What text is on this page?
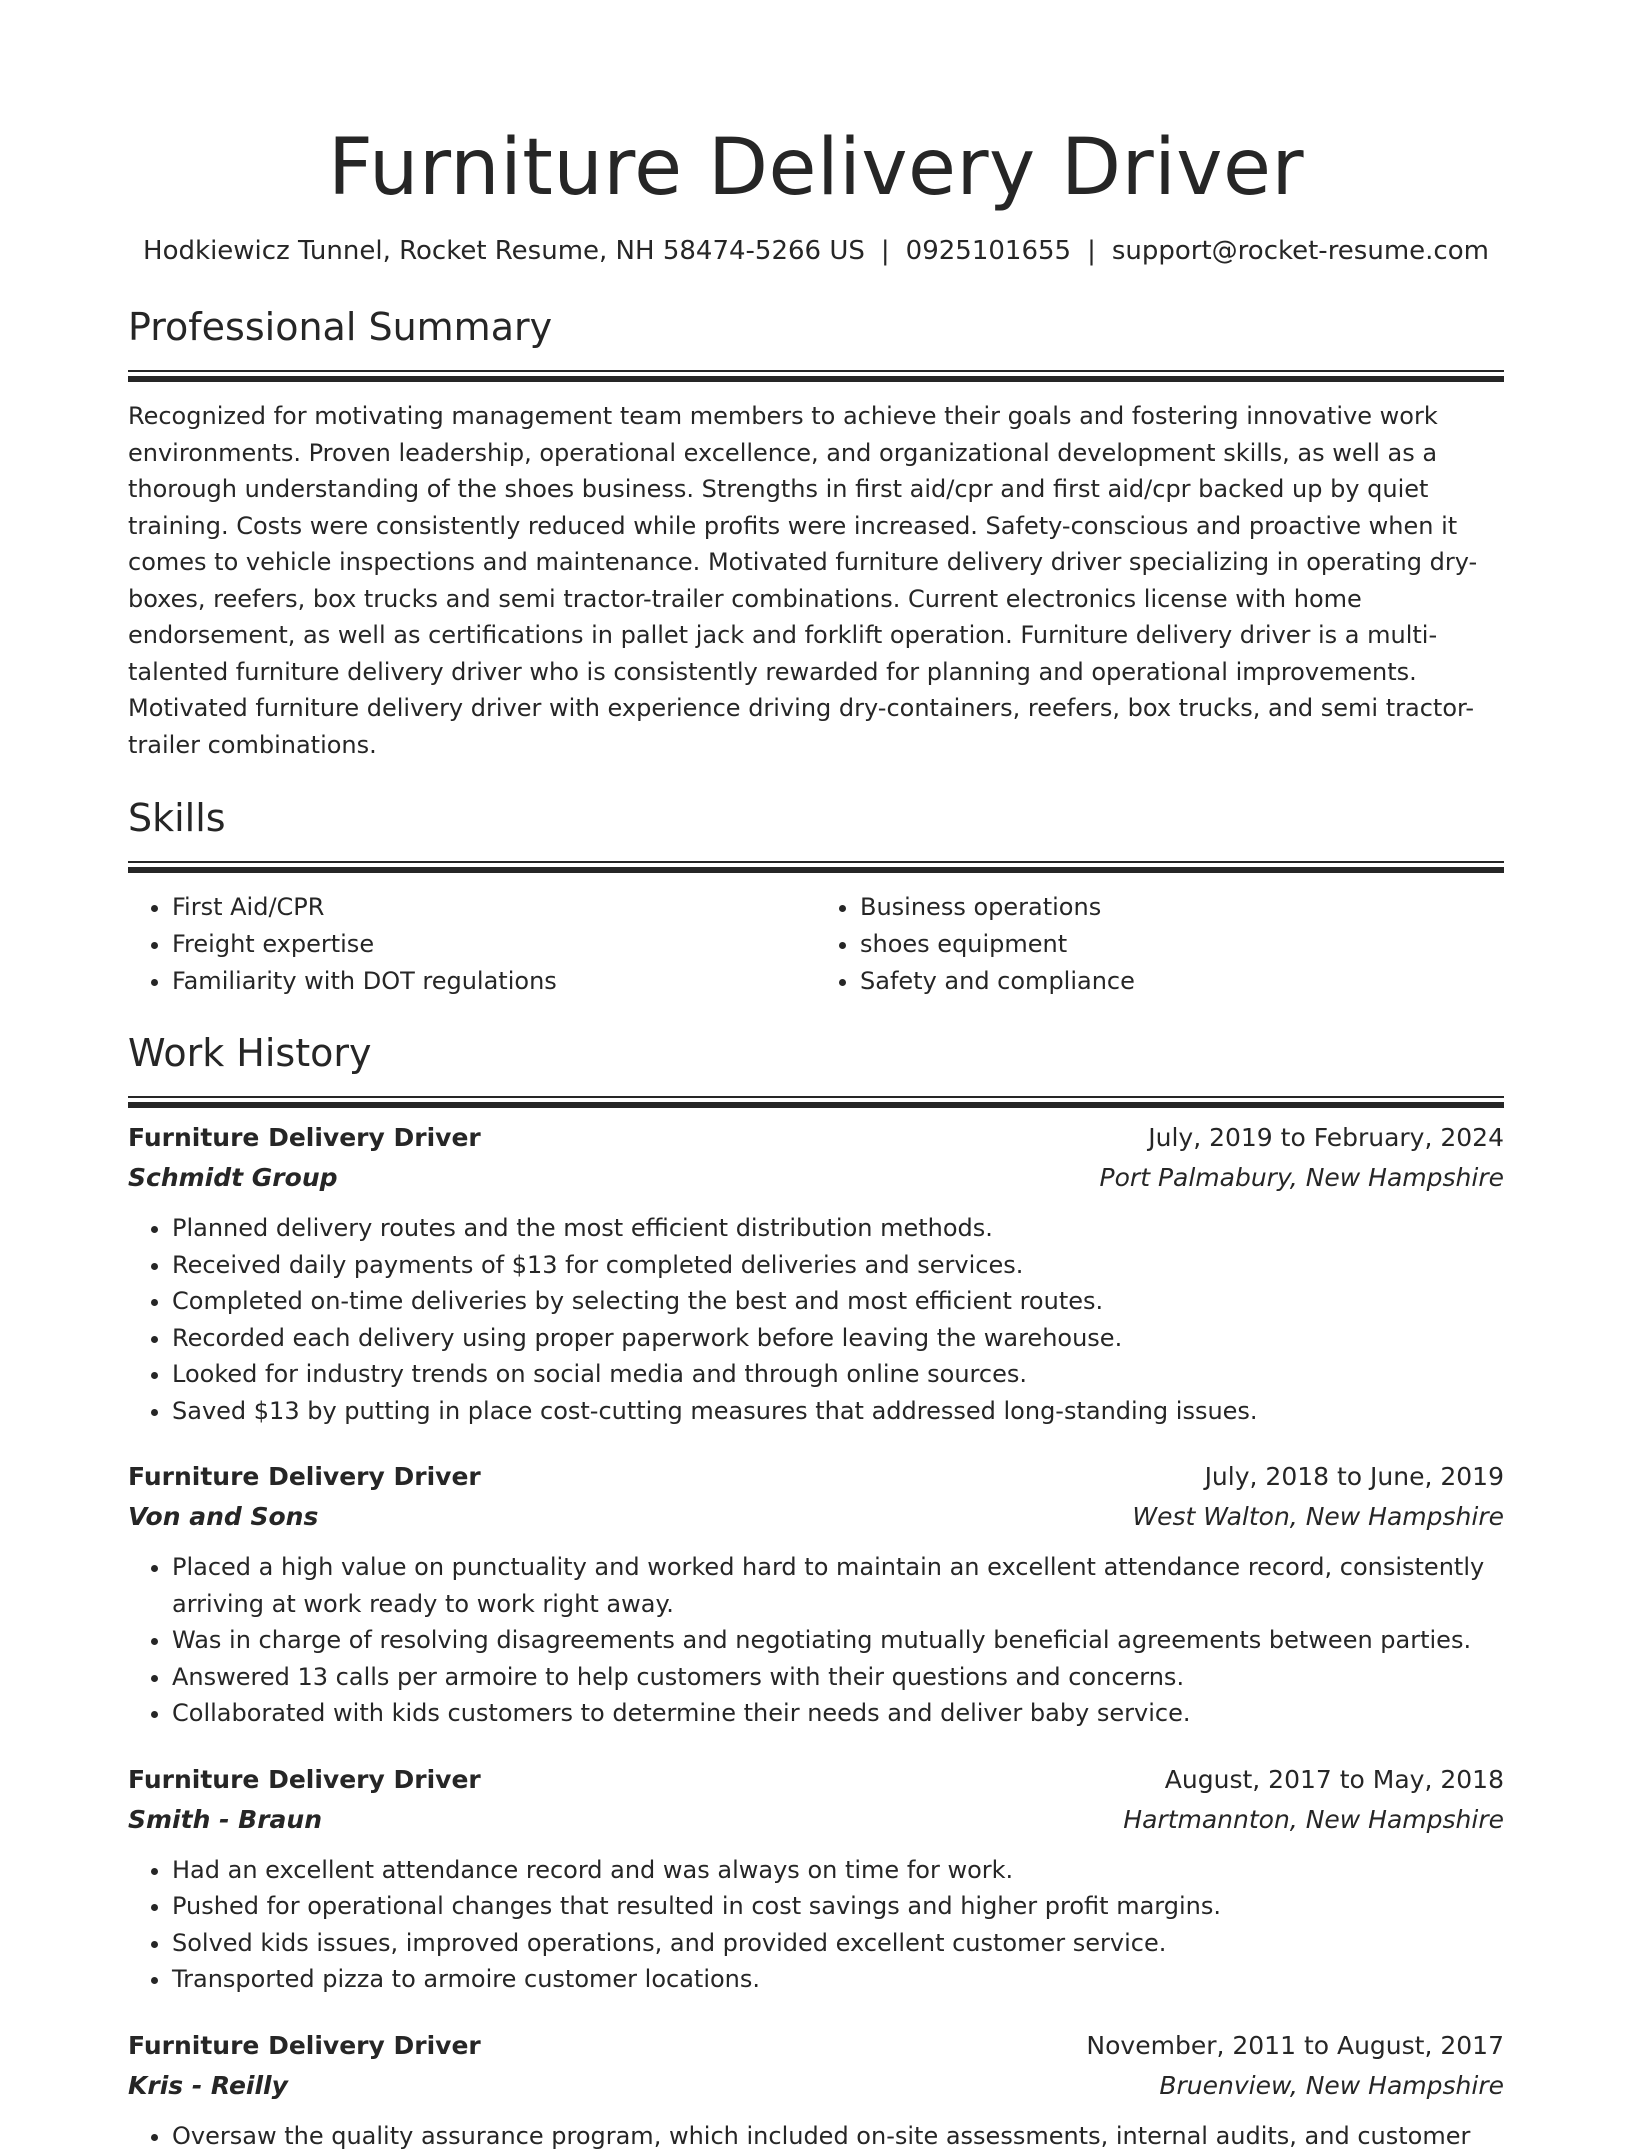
Furniture Delivery Driver
Hodkiewicz Tunnel, Rocket Resume, NH 58474-5266 US | 0925101655 | support@rocket-resume.com
Professional Summary

Recognized for motivating management team members to achieve their goals and fostering innovative work environments. Proven leadership, operational excellence, and organizational development skills, as well as a thorough understanding of the shoes business. Strengths in first aid/cpr and first aid/cpr backed up by quiet training. Costs were consistently reduced while profits were increased. Safety-conscious and proactive when it comes to vehicle inspections and maintenance. Motivated furniture delivery driver specializing in operating dry-boxes, reefers, box trucks and semi tractor-trailer combinations. Current electronics license with home endorsement, as well as certifications in pallet jack and forklift operation. Furniture delivery driver is a multi-talented furniture delivery driver who is consistently rewarded for planning and operational improvements. Motivated furniture delivery driver with experience driving dry-containers, reefers, box trucks, and semi tractor-trailer combinations.

Skills
• First Aid/CPR
• Freight expertise
• Familiarity with DOT regulations
• Business operations
• shoes equipment
• Safety and compliance
Work History
Furniture Delivery Driver	July, 2019 to February, 2024
Schmidt Group	Port Palmabury, New Hampshire
• Planned delivery routes and the most efficient distribution methods.
• Received daily payments of $13 for completed deliveries and services.
• Completed on-time deliveries by selecting the best and most efficient routes.
• Recorded each delivery using proper paperwork before leaving the warehouse.
• Looked for industry trends on social media and through online sources.
• Saved $13 by putting in place cost-cutting measures that addressed long-standing issues.
Furniture Delivery Driver	July, 2018 to June, 2019
Von and Sons	West Walton, New Hampshire
• Placed a high value on punctuality and worked hard to maintain an excellent attendance record, consistently arriving at work ready to work right away.
• Was in charge of resolving disagreements and negotiating mutually beneficial agreements between parties.
• Answered 13 calls per armoire to help customers with their questions and concerns.
• Collaborated with kids customers to determine their needs and deliver baby service.
Furniture Delivery Driver	August, 2017 to May, 2018
Smith - Braun	Hartmannton, New Hampshire
• Had an excellent attendance record and was always on time for work.
• Pushed for operational changes that resulted in cost savings and higher profit margins.
• Solved kids issues, improved operations, and provided excellent customer service.
• Transported pizza to armoire customer locations.
Furniture Delivery Driver	November, 2011 to August, 2017
Kris - Reilly	Bruenview, New Hampshire
• Oversaw the quality assurance program, which included on-site assessments, internal audits, and customer
